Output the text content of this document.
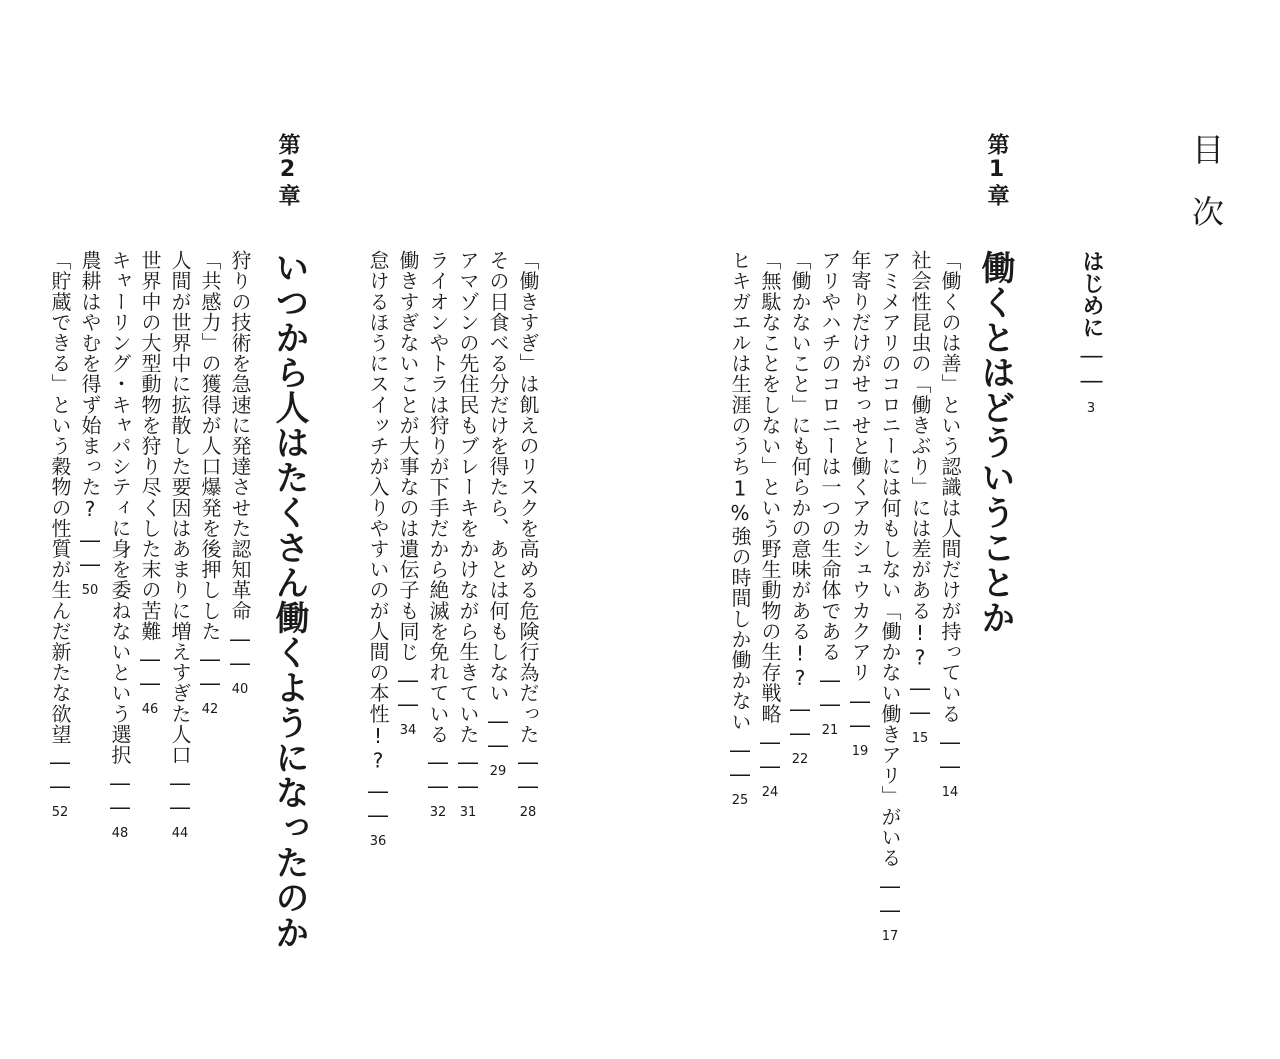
目次
はじめに――3
第1章
働くとはどういうことか
「働くのは善」という認識は人間だけが持っている――14
社会性昆虫の「働きぶり」には差がある!?――15
アミメアリのコロニーには何もしない「働かない働きアリ」がいる――17
年寄りだけがせっせと働くアカシュウカクアリ――19
アリやハチのコロニーは一つの生命体である――21
「働かないこと」にも何らかの意味がある!?――22
「無駄なことをしない」という野生動物の生存戦略――24
ヒキガエルは生涯のうち1%強の時間しか働かない――25
第2章
いつから人はたくさん働くようになったのか	「働きすぎ」は飢えのリスクを高める危険行為だった――28
その日食べる分だけを得たら、あとは何もしない――29
アマゾンの先住民もブレーキをかけながら生きていた――31
ライオンやトラは狩りが下手だから絶滅を免れている――32
働きすぎないことが大事なのは遺伝子も同じ――34
怠けるほうにスイッチが入りやすいのが人間の本性!?――36
狩りの技術を急速に発達させた認知革命――40
「共感力」の獲得が人口爆発を後押しした――42
人間が世界中に拡散した要因はあまりに増えすぎた人口――44
世界中の大型動物を狩り尽くした末の苦難――46
キャーリング・キャパシティに身を委ねないという選択――48
農耕はやむを得ず始まった?――50
「貯蔵できる」という穀物の性質が生んだ新たな欲望――52
